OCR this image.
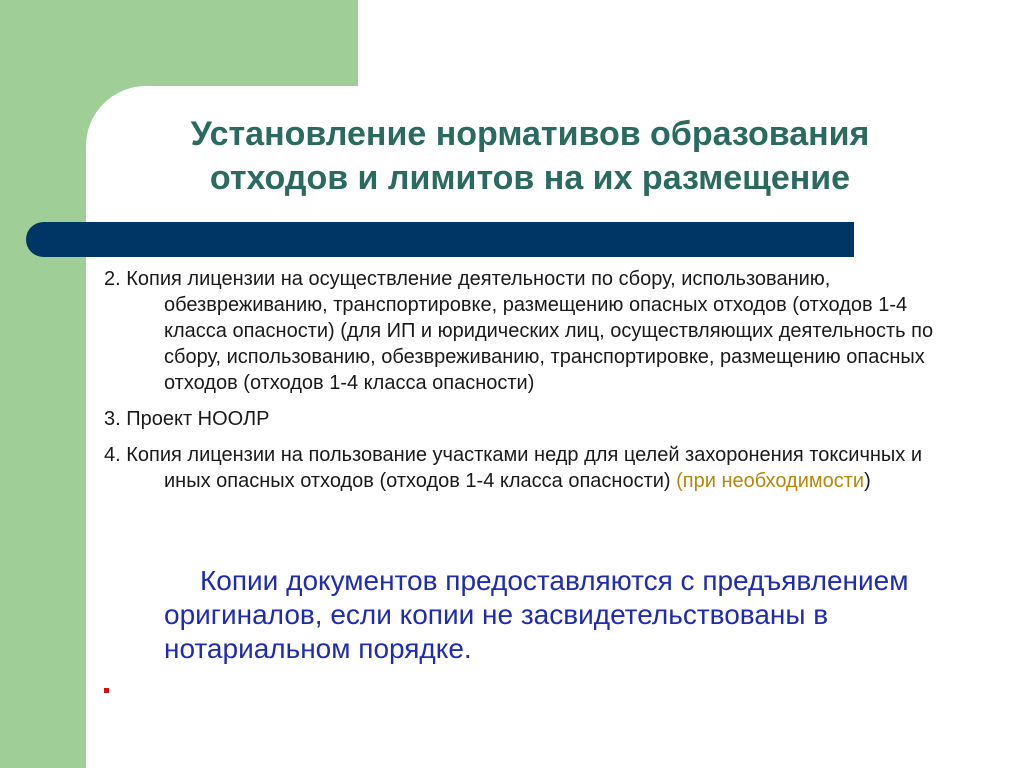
Установление нормативов образования
отходов и лимитов на их размещение

2. Копия лицензии на осуществление деятельности по сбору, использованию, обезвреживанию, транспортировке, размещению опасных отходов (отходов 1-4 класса опасности) (для ИП и юридических лиц, осуществляющих деятельность по сбору, использованию, обезвреживанию, транспортировке, размещению опасных отходов (отходов 1-4 класса опасности)

3. Проект НООЛР

4. Копия лицензии на пользование участками недр для целей захоронения токсичных и иных опасных отходов (отходов 1-4 класса опасности) (при необходимости)

Копии документов предоставляются с предъявлением оригиналов, если копии не засвидетельствованы в нотариальном порядке.
